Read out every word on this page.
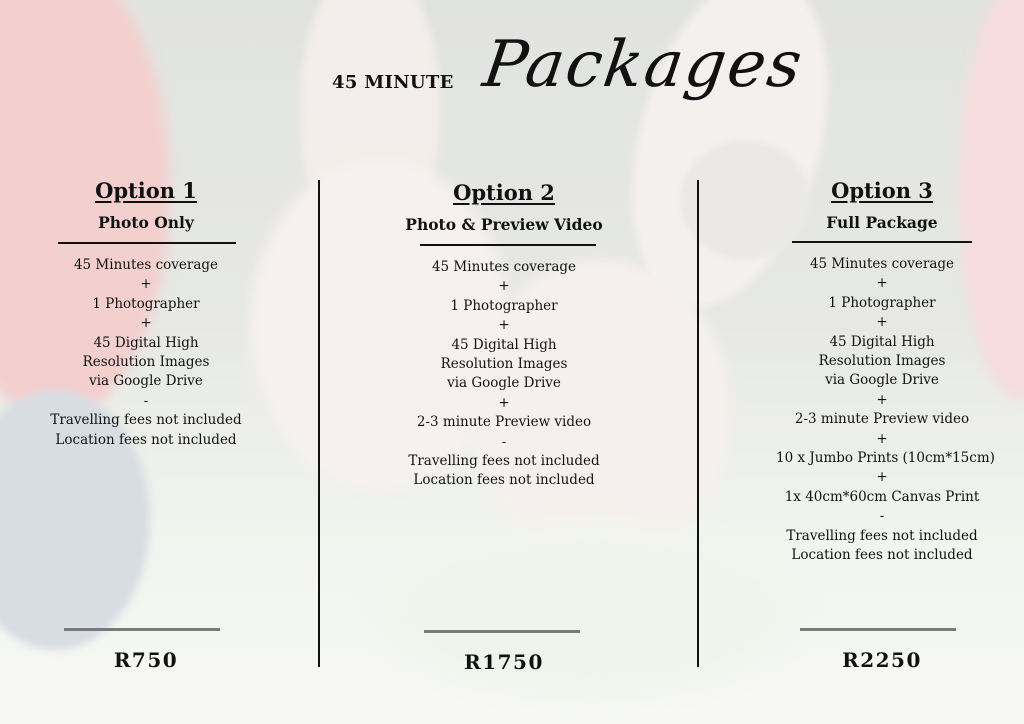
45 MINUTE Packages
Option 1
Photo Only
45 Minutes coverage
+
1 Photographer
+
45 Digital High
Resolution Images
via Google Drive
-
Travelling fees not included
Location fees not included
R750
Option 2
Photo & Preview Video
45 Minutes coverage
+
1 Photographer
+
45 Digital High
Resolution Images
via Google Drive
+
2-3 minute Preview video
-
Travelling fees not included
Location fees not included
R1750
Option 3
Full Package
45 Minutes coverage
+
1 Photographer
+
45 Digital High
Resolution Images
via Google Drive
+
2-3 minute Preview video
+
10 x Jumbo Prints (10cm*15cm)
+
1x 40cm*60cm Canvas Print
-
Travelling fees not included
Location fees not included
R2250
